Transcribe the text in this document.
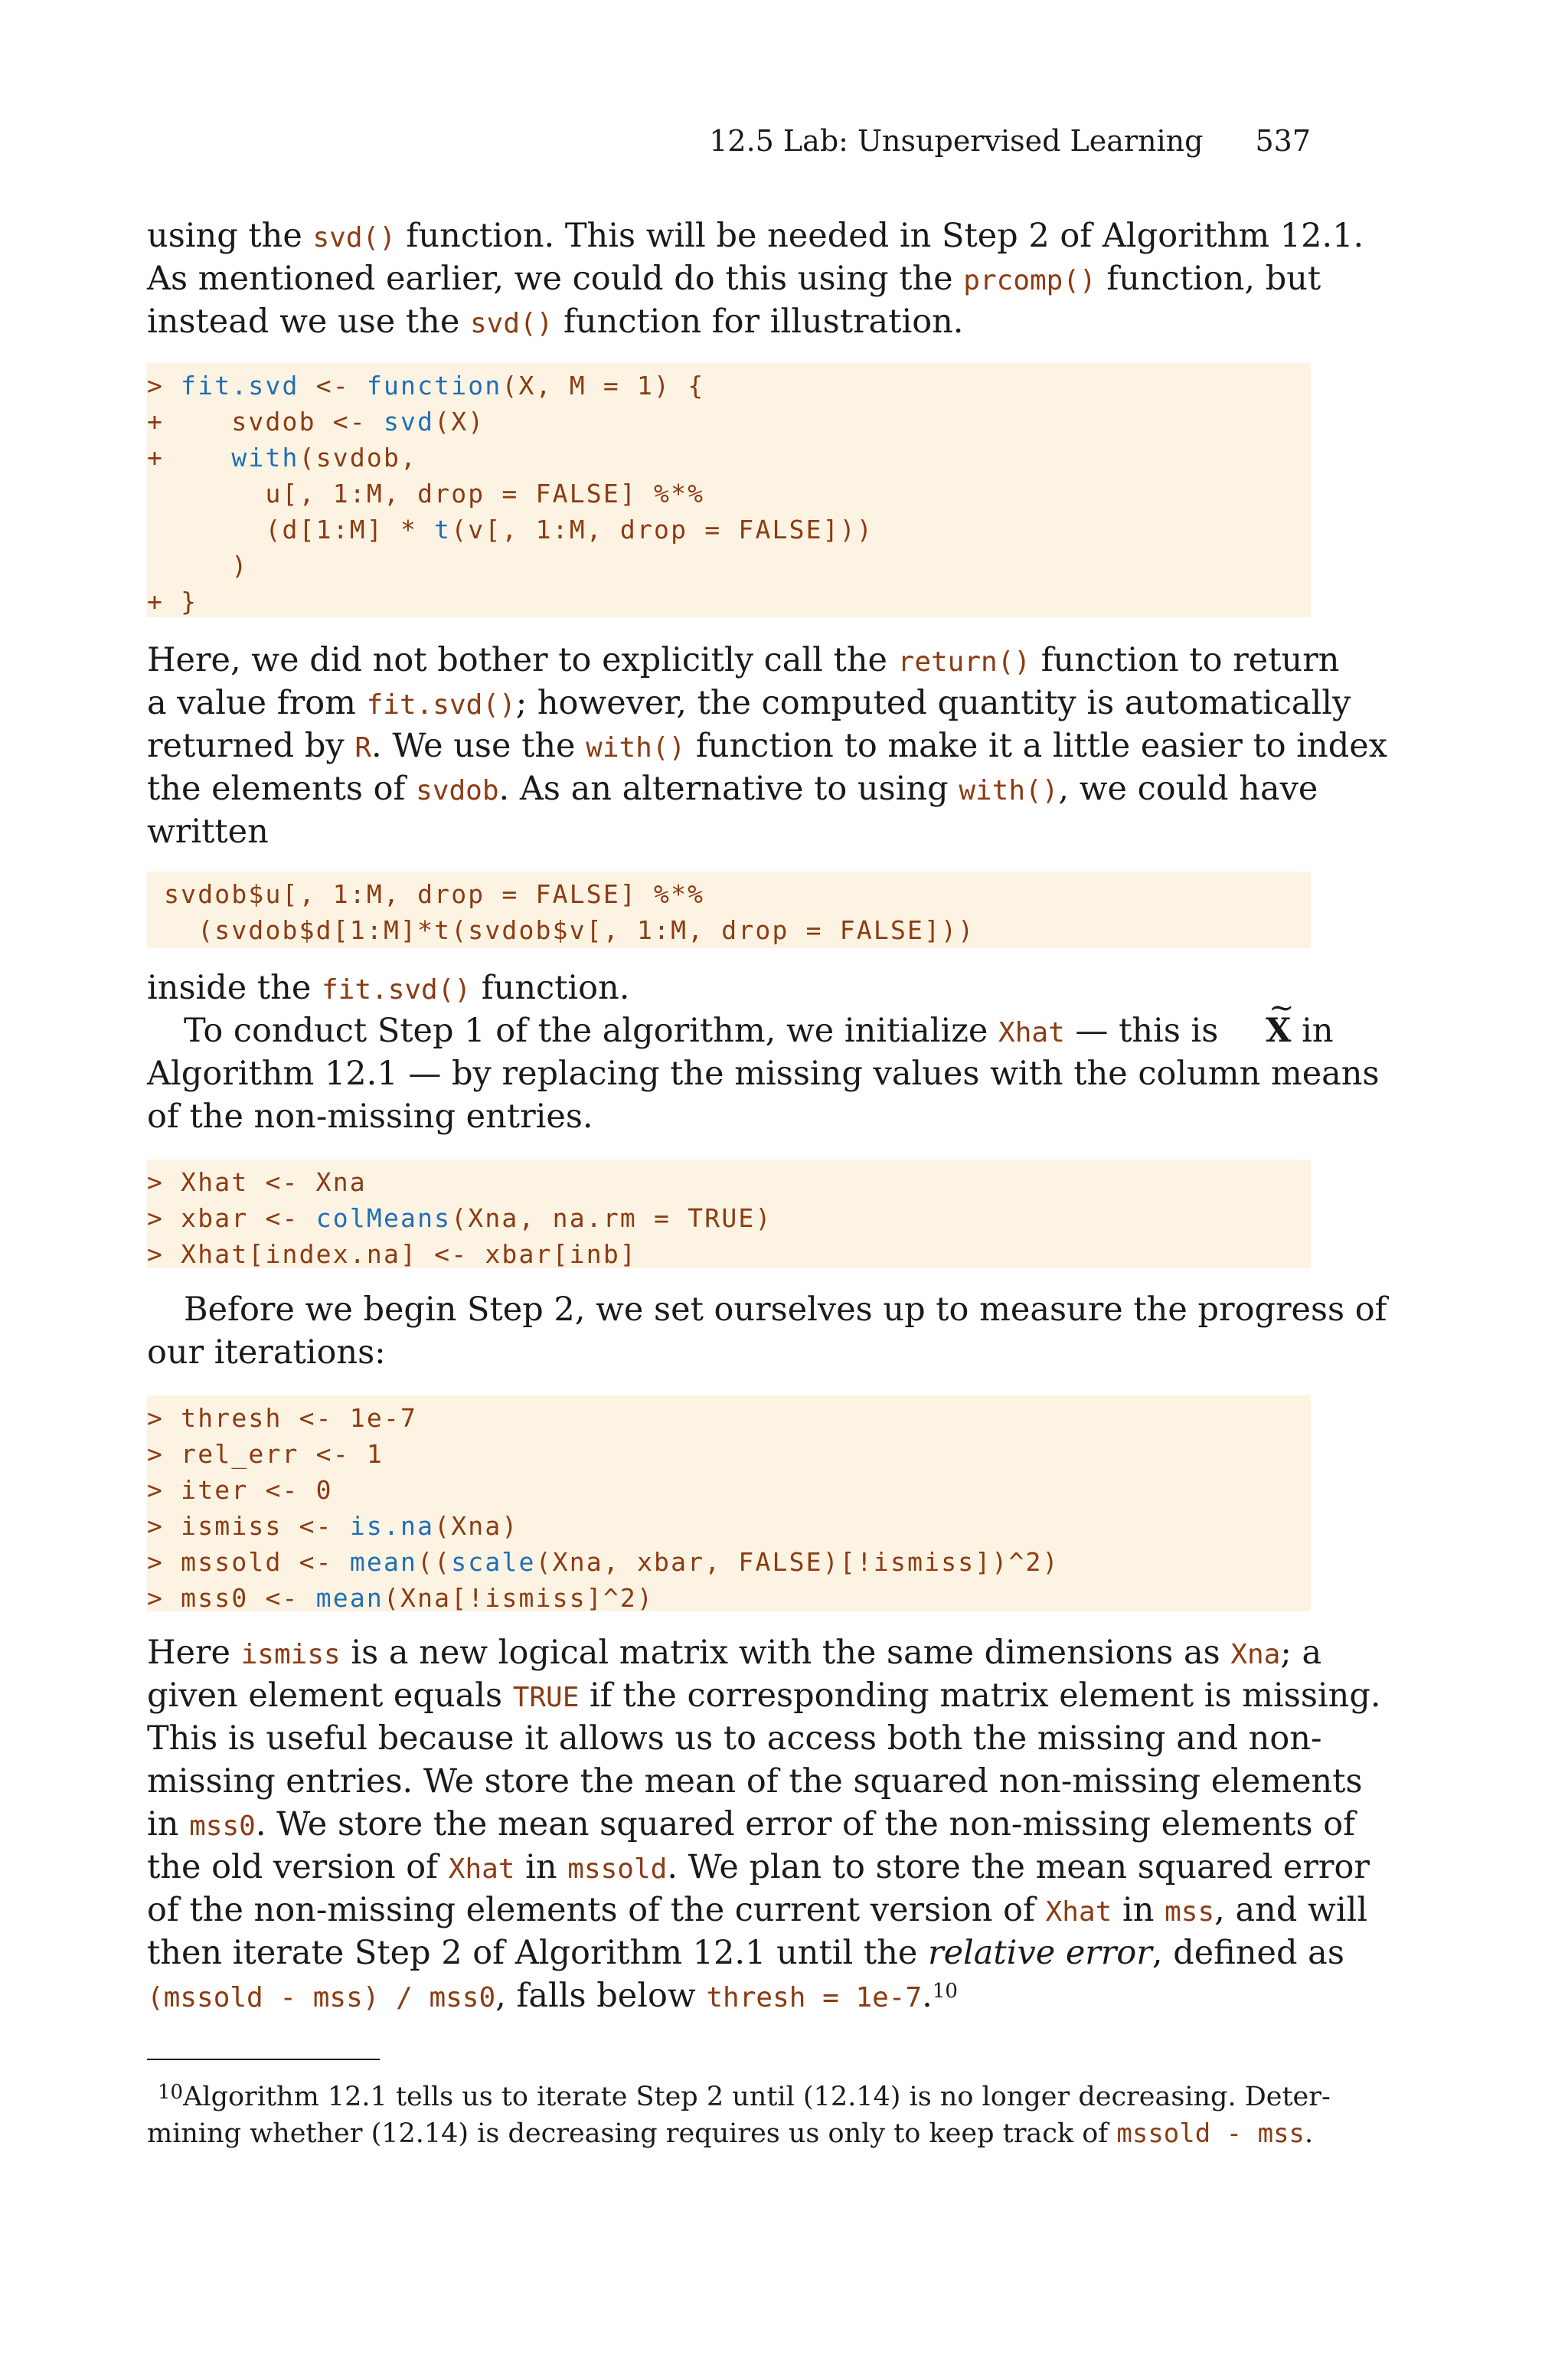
12.5 Lab: Unsupervised Learning 537
using the svd() function. This will be needed in Step 2 of Algorithm 12.1.
As mentioned earlier, we could do this using the prcomp() function, but
instead we use the svd() function for illustration.
> fit.svd <- function(X, M = 1) {
+    svdob <- svd(X)
+    with(svdob,
u[, 1:M, drop = FALSE] %*%
(d[1:M] * t(v[, 1:M, drop = FALSE]))
)
+ }
Here, we did not bother to explicitly call the return() function to return
a value from fit.svd(); however, the computed quantity is automatically
returned by R. We use the with() function to make it a little easier to index
the elements of svdob. As an alternative to using with(), we could have
written
svdob$u[, 1:M, drop = FALSE] %*%
(svdob$d[1:M]*t(svdob$v[, 1:M, drop = FALSE]))
inside the fit.svd() function.
To conduct Step 1 of the algorithm, we initialize Xhat — this is ~ X in
Algorithm 12.1 — by replacing the missing values with the column means
of the non-missing entries.
> Xhat <- Xna
> xbar <- colMeans(Xna, na.rm = TRUE)
> Xhat[index.na] <- xbar[inb]
Before we begin Step 2, we set ourselves up to measure the progress of
our iterations:
> thresh <- 1e-7
> rel_err <- 1
> iter <- 0
> ismiss <- is.na(Xna)
> mssold <- mean((scale(Xna, xbar, FALSE)[!ismiss])^2)
> mss0 <- mean(Xna[!ismiss]^2)
Here ismiss is a new logical matrix with the same dimensions as Xna; a
given element equals TRUE if the corresponding matrix element is missing.
This is useful because it allows us to access both the missing and non-
missing entries. We store the mean of the squared non-missing elements
in mss0. We store the mean squared error of the non-missing elements of
the old version of Xhat in mssold. We plan to store the mean squared error
of the non-missing elements of the current version of Xhat in mss, and will
then iterate Step 2 of Algorithm 12.1 until the relative error, defined as
(mssold - mss) / mss0, falls below thresh = 1e-7.10
$^{10}$Algorithm 12.1 tells us to iterate Step 2 until (12.14) is no longer decreasing. Deter-
mining whether (12.14) is decreasing requires us only to keep track of mssold - mss.
